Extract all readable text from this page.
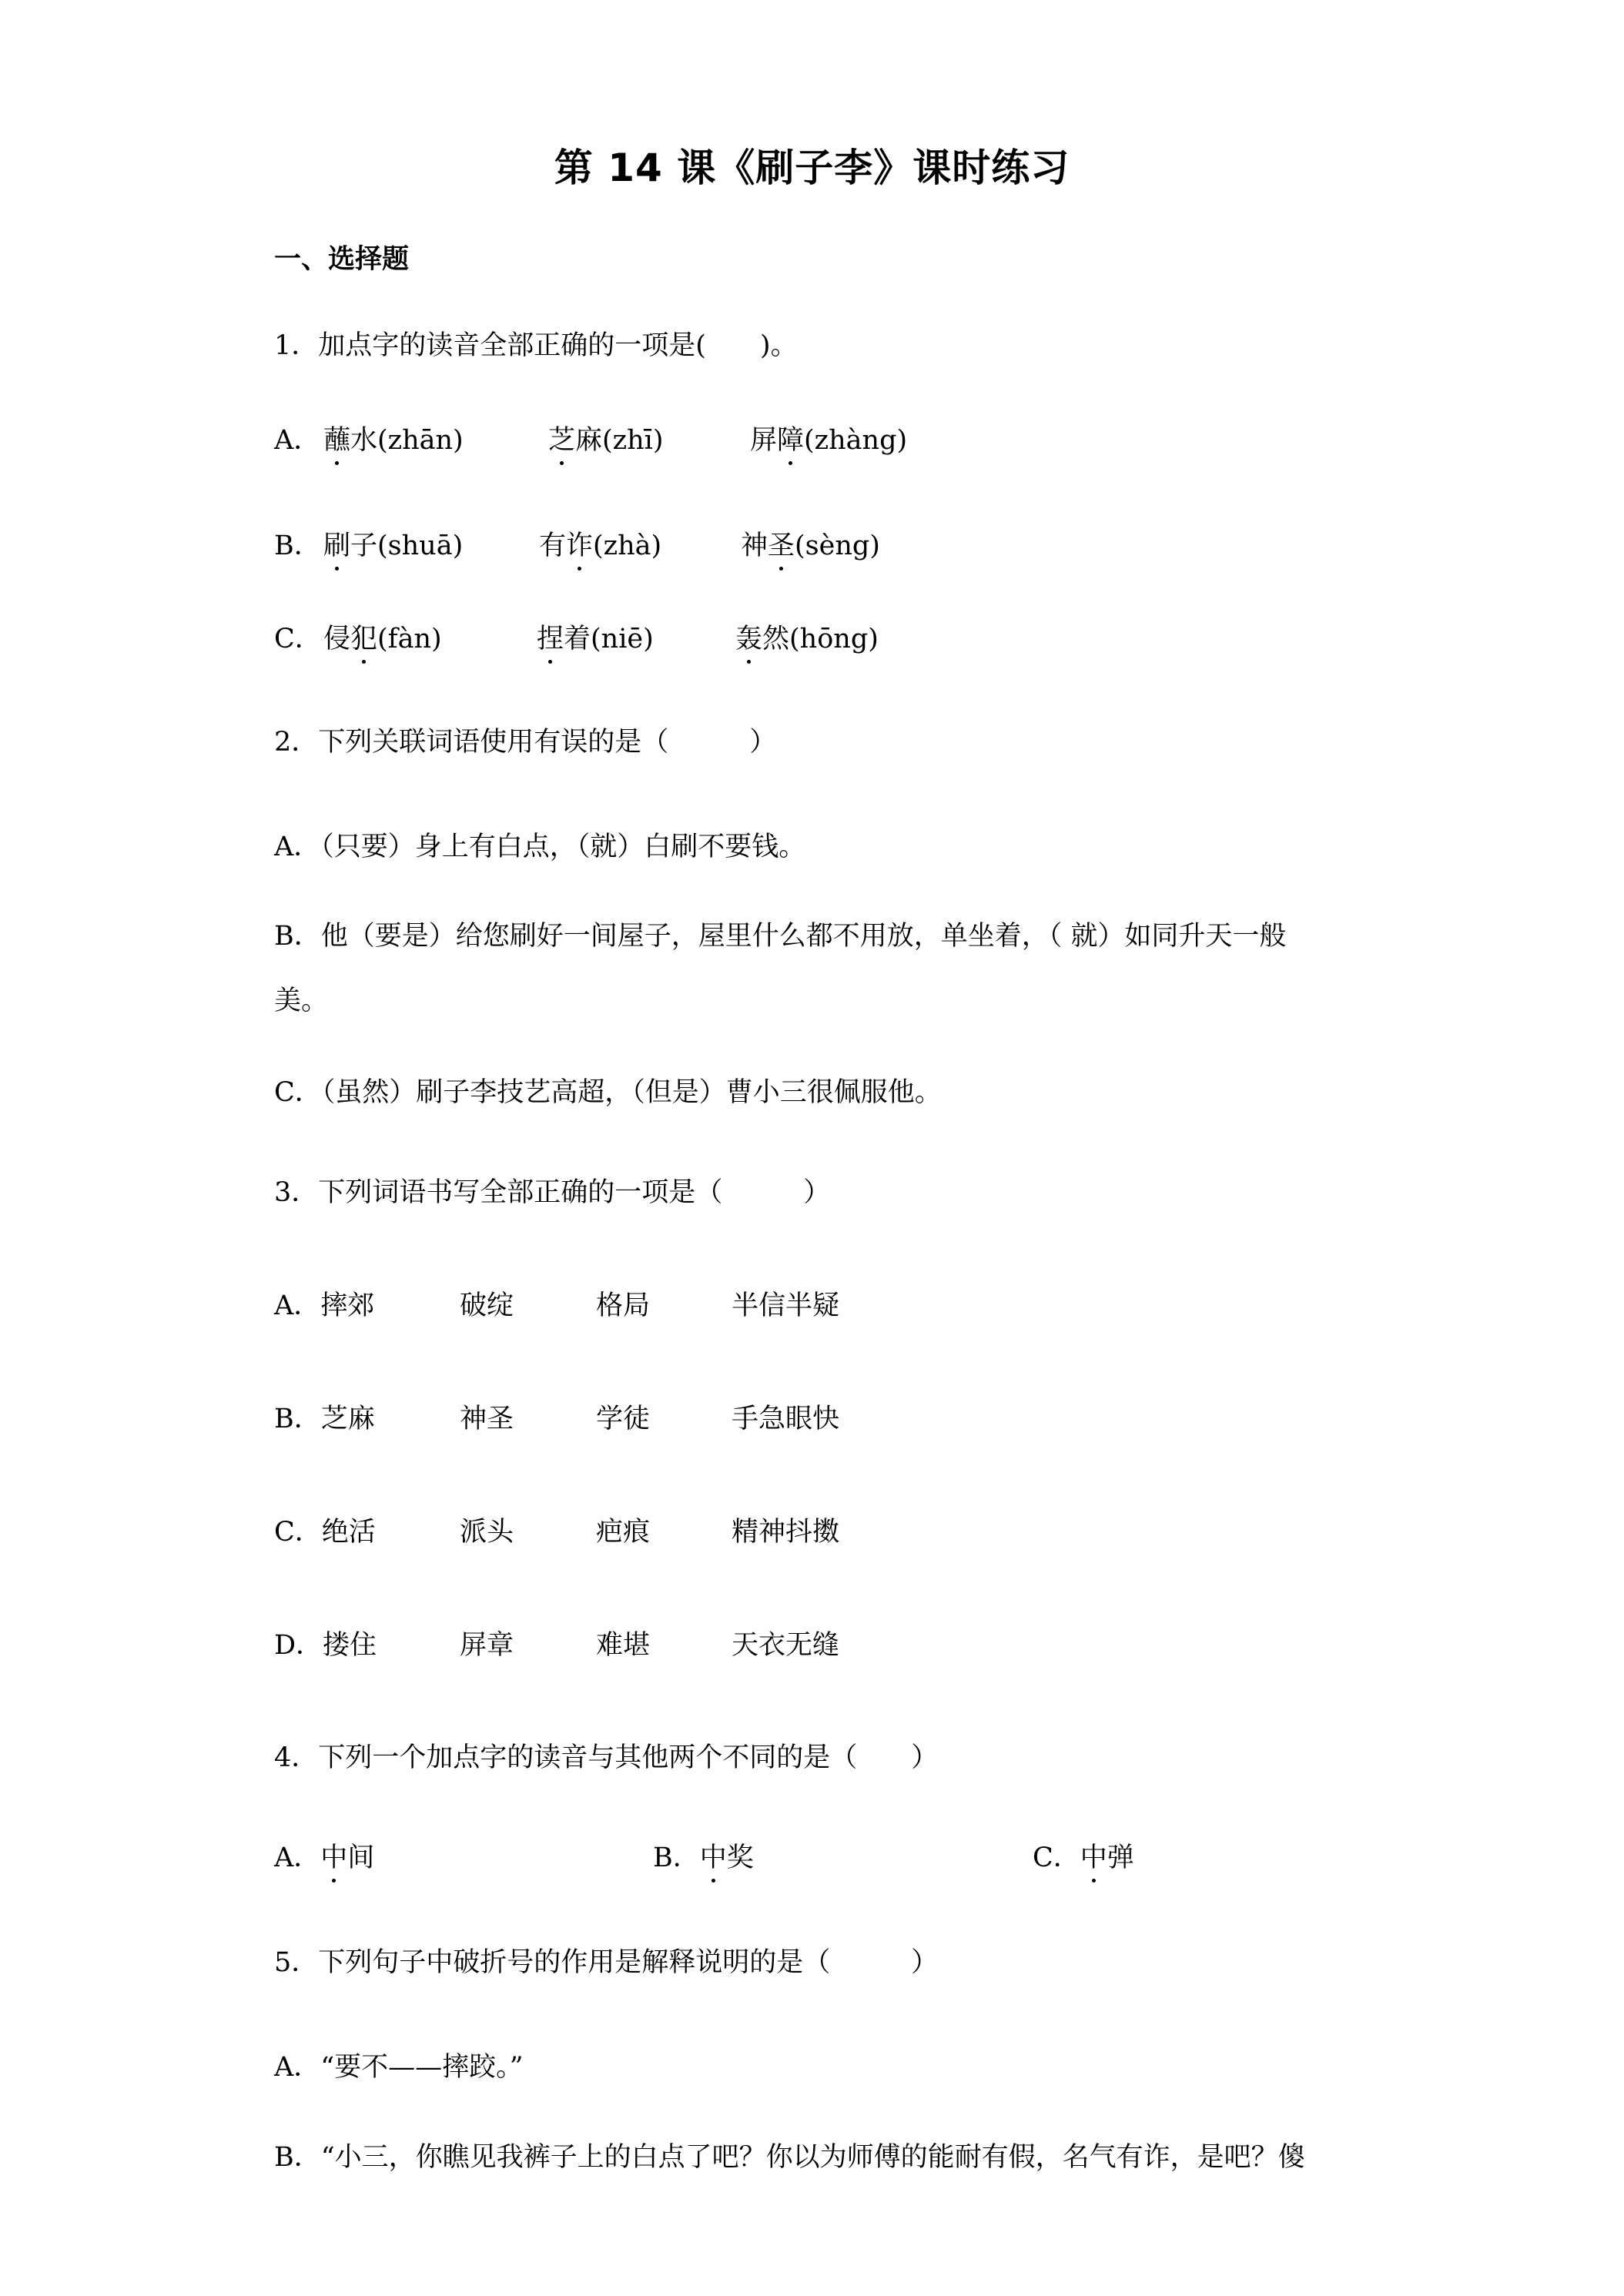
第 14 课《刷子李》课时练习
一、选择题
1．加点字的读音全部正确的一项是(　　)。
A． 蘸水(zhān)	芝麻(zhī)	屏障(zhàng)
B． 刷子(shuā)	有诈(zhà)	神圣(sèng)
C． 侵犯(fàn)	捏着(niē)	轰然(hōng)
2．下列关联词语使用有误的是（　　　）
A．（只要）身上有白点，（就）白刷不要钱。
B．他（要是）给您刷好一间屋子，屋里什么都不用放，单坐着，（ 就）如同升天一般
美。
C．（虽然）刷子李技艺高超，（但是）曹小三很佩服他。
3．下列词语书写全部正确的一项是（　　　）
A．摔郊	破绽	格局	半信半疑
B．芝麻	神圣	学徒	手急眼快
C．绝活	派头	疤痕	精神抖擞
D．搂住	屏章	难堪	天衣无缝
4．下列一个加点字的读音与其他两个不同的是（　　）
A．中间	B．中奖	C．中弹
5．下列句子中破折号的作用是解释说明的是（　　　）
A．“要不——摔跤。”
B．“小三，你瞧见我裤子上的白点了吧？你以为师傅的能耐有假，名气有诈，是吧？傻
